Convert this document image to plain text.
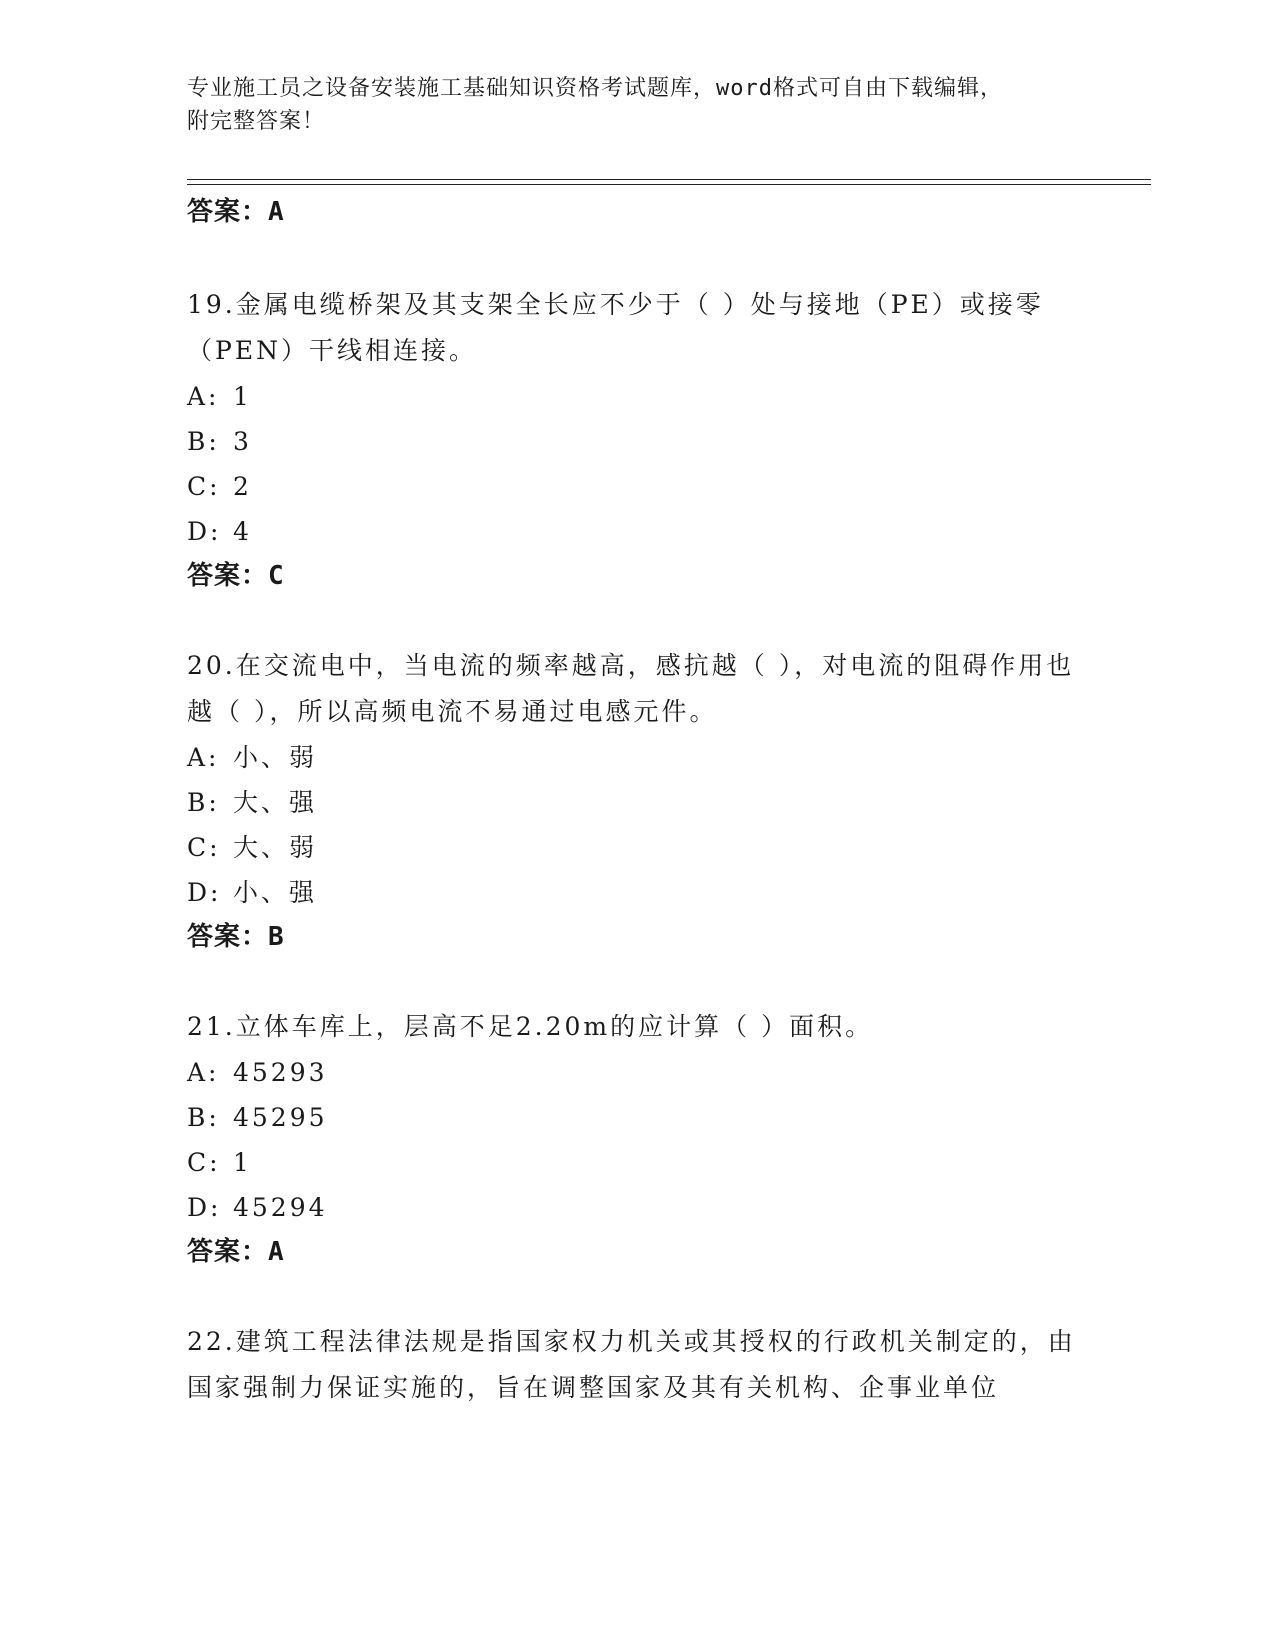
专业施工员之设备安装施工基础知识资格考试题库，word格式可自由下载编辑，
附完整答案！
答案：A
19.金属电缆桥架及其支架全长应不少于（ ）处与接地（PE）或接零（PEN）干线相连接。
A: 1
B: 3
C: 2
D: 4
答案：C
20.在交流电中，当电流的频率越高，感抗越（ ），对电流的阻碍作用也越（ ），所以高频电流不易通过电感元件。
A: 小、弱
B: 大、强
C: 大、弱
D: 小、强
答案：B
21.立体车库上，层高不足2.20m的应计算（ ）面积。
A: 45293
B: 45295
C: 1
D: 45294
答案：A
22.建筑工程法律法规是指国家权力机关或其授权的行政机关制定的，由国家强制力保证实施的，旨在调整国家及其有关机构、企事业单位
